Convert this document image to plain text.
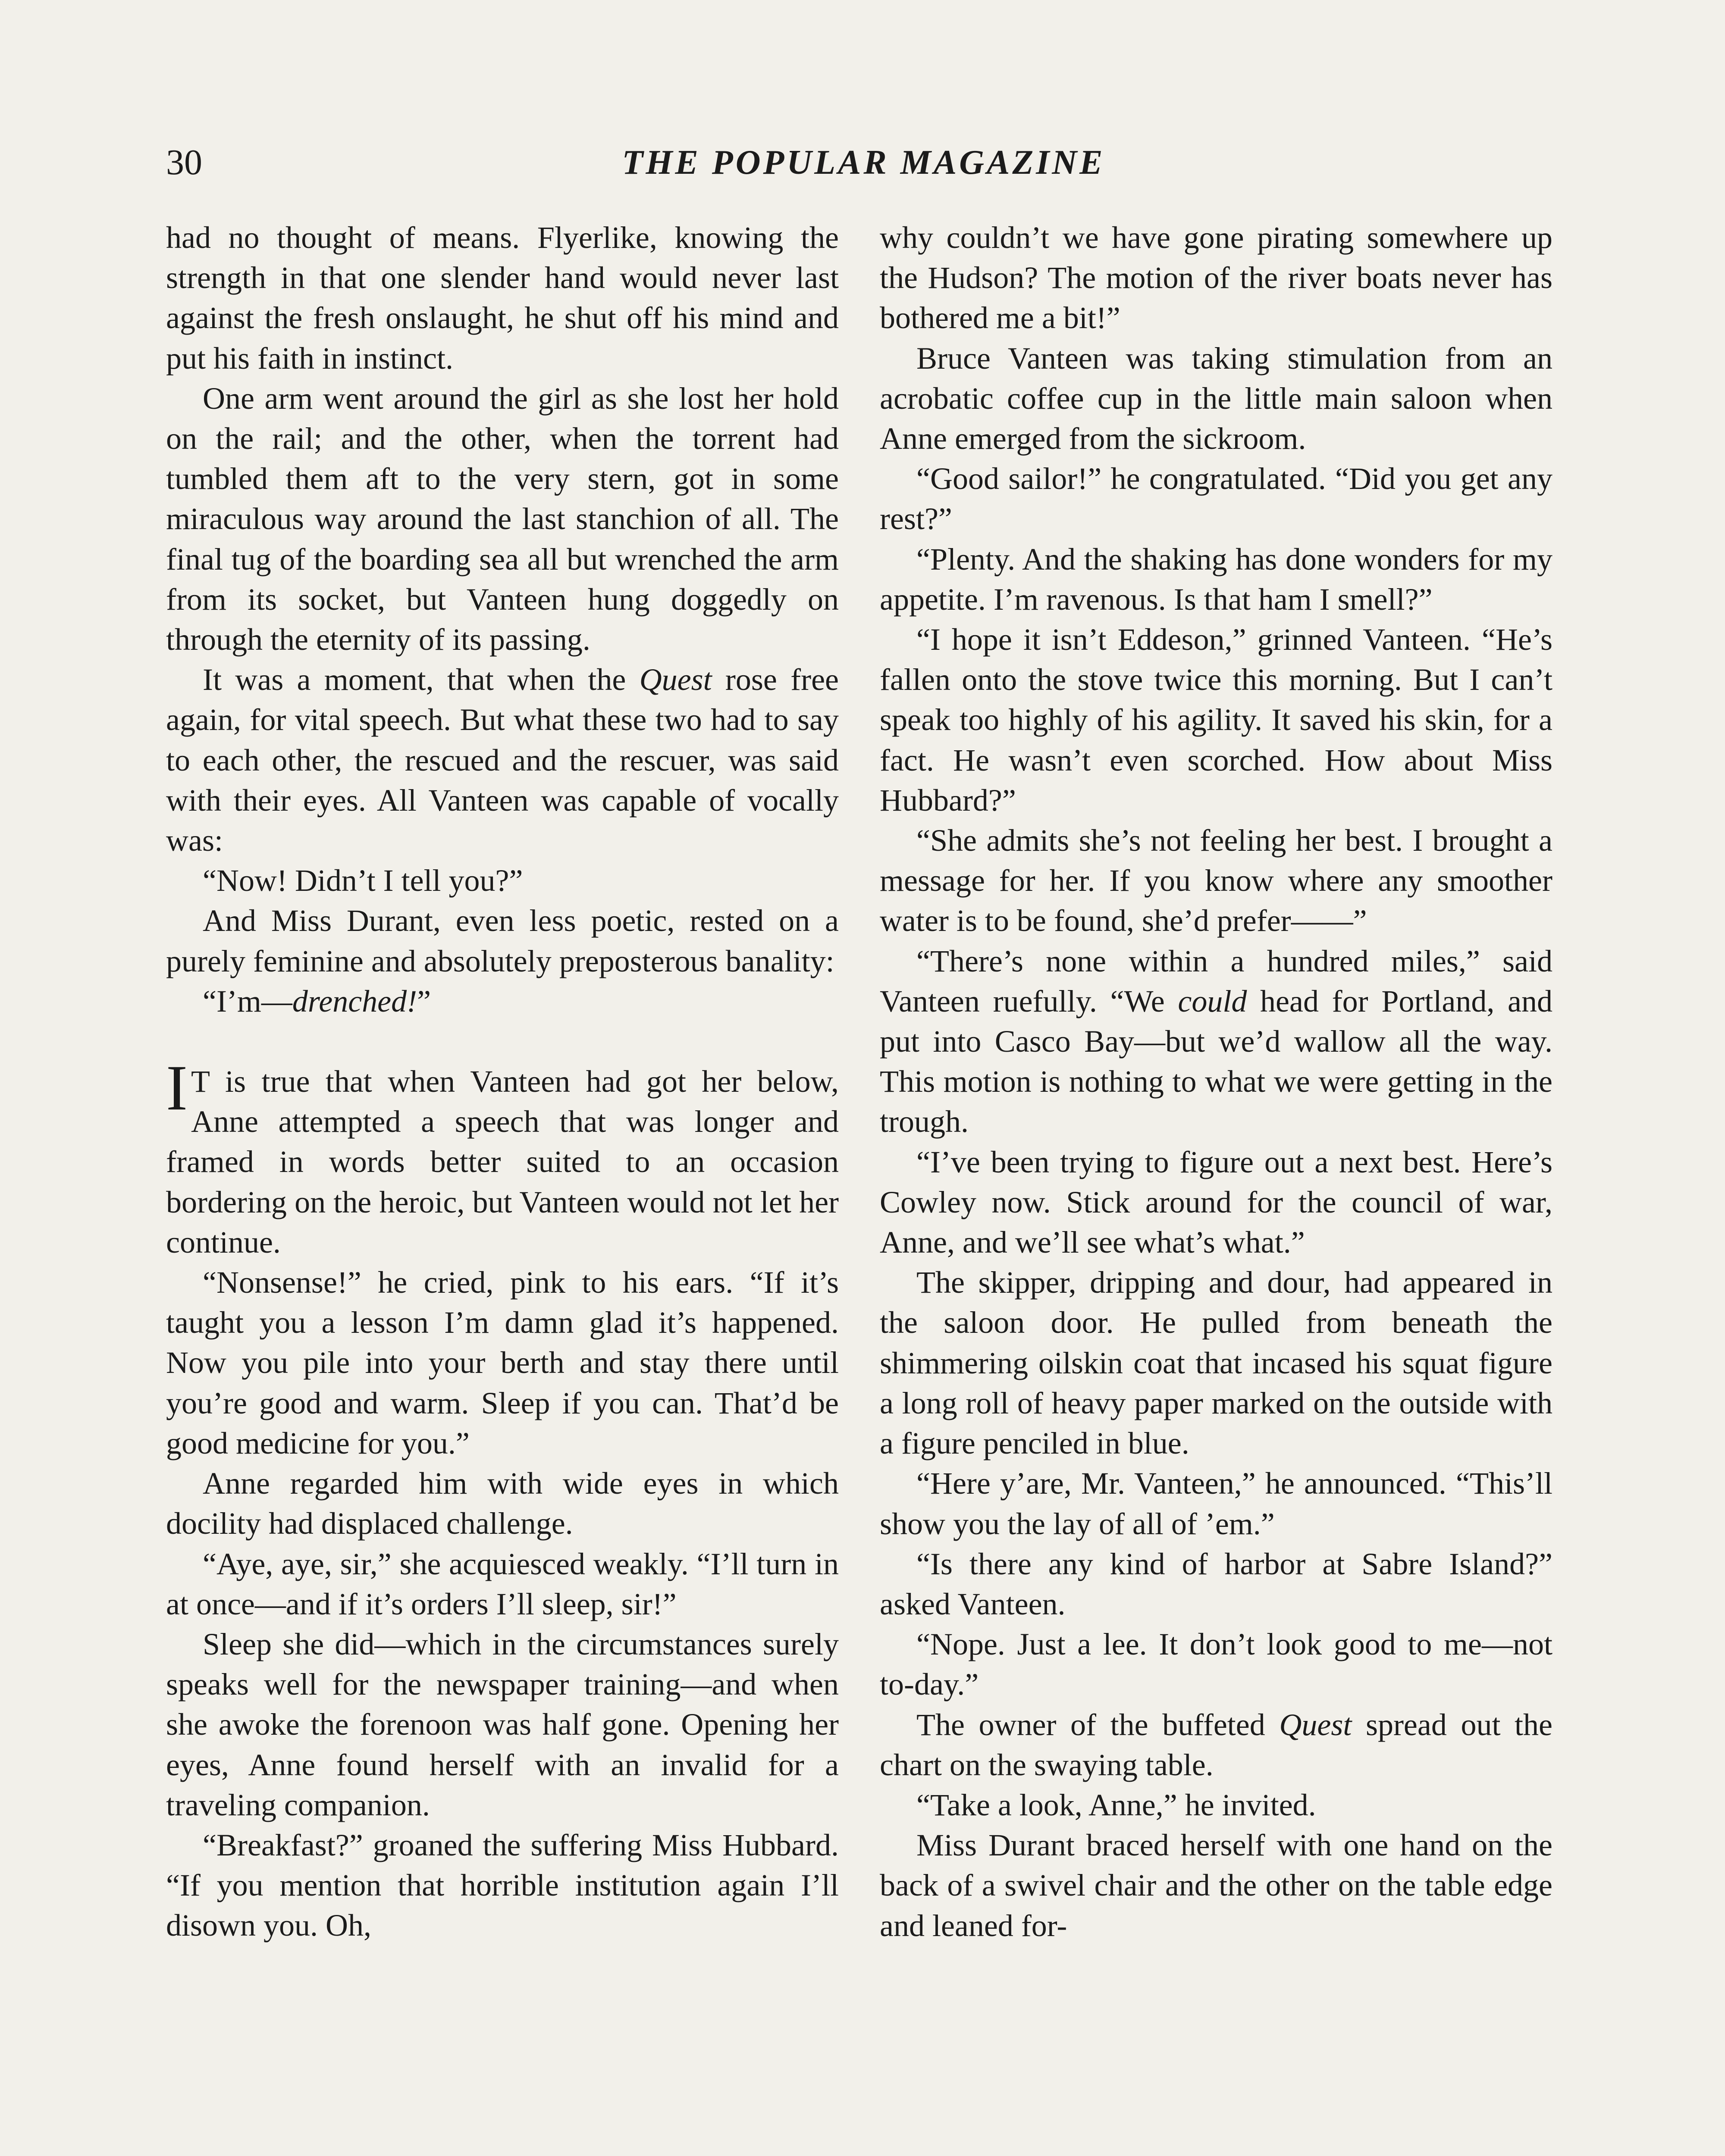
30	THE POPULAR MAGAZINE

had no thought of means. Flyerlike, knowing the strength in that one slender hand would never last against the fresh onslaught, he shut off his mind and put his faith in instinct.

One arm went around the girl as she lost her hold on the rail; and the other, when the torrent had tumbled them aft to the very stern, got in some miraculous way around the last stanchion of all. The final tug of the boarding sea all but wrenched the arm from its socket, but Vanteen hung doggedly on through the eternity of its passing.

It was a moment, that when the Quest rose free again, for vital speech. But what these two had to say to each other, the rescued and the rescuer, was said with their eyes. All Vanteen was capable of vocally was:

“Now! Didn’t I tell you?”

And Miss Durant, even less poetic, rested on a purely feminine and absolutely preposterous banality:

“I’m—drenched!”

I T is true that when Vanteen had got her below, Anne attempted a speech that was longer and framed in words better suited to an occasion bordering on the heroic, but Vanteen would not let her continue.

“Nonsense!” he cried, pink to his ears. “If it’s taught you a lesson I’m damn glad it’s happened. Now you pile into your berth and stay there until you’re good and warm. Sleep if you can. That’d be good medicine for you.”

Anne regarded him with wide eyes in which docility had displaced challenge.

“Aye, aye, sir,” she acquiesced weakly. “I’ll turn in at once—and if it’s orders I’ll sleep, sir!”

Sleep she did—which in the circumstances surely speaks well for the newspaper training—and when she awoke the forenoon was half gone. Opening her eyes, Anne found herself with an invalid for a traveling companion.

“Breakfast?” groaned the suffering Miss Hubbard. “If you mention that horrible institution again I’ll disown you. Oh,

why couldn’t we have gone pirating somewhere up the Hudson? The motion of the river boats never has bothered me a bit!”

Bruce Vanteen was taking stimulation from an acrobatic coffee cup in the little main saloon when Anne emerged from the sickroom.

“Good sailor!” he congratulated. “Did you get any rest?”

“Plenty. And the shaking has done wonders for my appetite. I’m ravenous. Is that ham I smell?”

“I hope it isn’t Eddeson,” grinned Vanteen. “He’s fallen onto the stove twice this morning. But I can’t speak too highly of his agility. It saved his skin, for a fact. He wasn’t even scorched. How about Miss Hubbard?”

“She admits she’s not feeling her best. I brought a message for her. If you know where any smoother water is to be found, she’d prefer——”

“There’s none within a hundred miles,” said Vanteen ruefully. “We could head for Portland, and put into Casco Bay—but we’d wallow all the way. This motion is nothing to what we were getting in the trough.

“I’ve been trying to figure out a next best. Here’s Cowley now. Stick around for the council of war, Anne, and we’ll see what’s what.”

The skipper, dripping and dour, had appeared in the saloon door. He pulled from beneath the shimmering oilskin coat that incased his squat figure a long roll of heavy paper marked on the outside with a figure penciled in blue.

“Here y’are, Mr. Vanteen,” he announced. “This’ll show you the lay of all of ’em.”

“Is there any kind of harbor at Sabre Island?” asked Vanteen.

“Nope. Just a lee. It don’t look good to me—not to-day.”

The owner of the buffeted Quest spread out the chart on the swaying table.

“Take a look, Anne,” he invited.

Miss Durant braced herself with one hand on the back of a swivel chair and the other on the table edge and leaned for-
